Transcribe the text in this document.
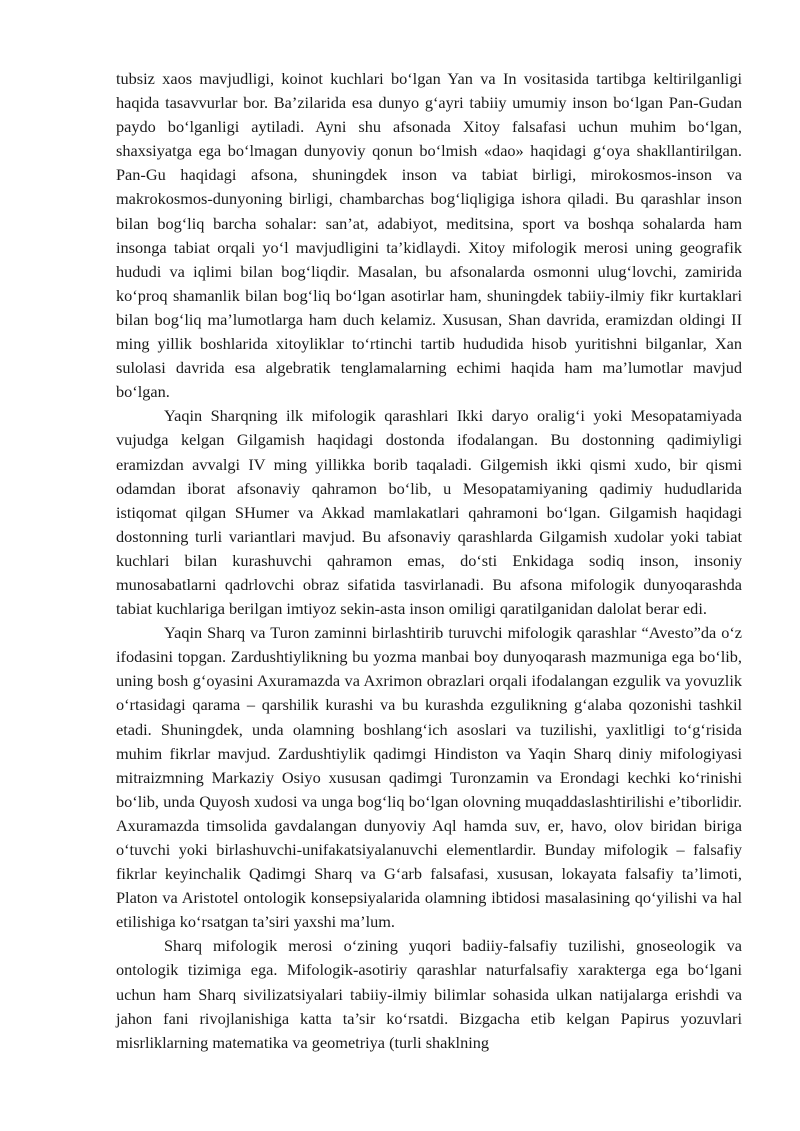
tubsiz xaos mavjudligi, koinot kuchlari bo‘lgan Yan va In vositasida tartibga keltirilganligi haqida tasavvurlar bor. Ba’zilarida esa dunyo g‘ayri tabiiy umumiy inson bo‘lgan Pan-Gudan paydo bo‘lganligi aytiladi. Ayni shu afsonada Xitoy falsafasi uchun muhim bo‘lgan, shaxsiyatga ega bo‘lmagan dunyoviy qonun bo‘lmish «dao» haqidagi g‘oya shakllantirilgan. Pan-Gu haqidagi afsona, shuningdek inson va tabiat birligi, mirokosmos-inson va makrokosmos-dunyoning birligi, chambarchas bog‘liqligiga ishora qiladi. Bu qarashlar inson bilan bog‘liq barcha sohalar: san’at, adabiyot, meditsina, sport va boshqa sohalarda ham insonga tabiat orqali yo‘l mavjudligini ta’kidlaydi. Xitoy mifologik merosi uning geografik hududi va iqlimi bilan bog‘liqdir. Masalan, bu afsonalarda osmonni ulug‘lovchi, zamirida ko‘proq shamanlik bilan bog‘liq bo‘lgan asotirlar ham, shuningdek tabiiy-ilmiy fikr kurtaklari bilan bog‘liq ma’lumotlarga ham duch kelamiz. Xususan, Shan davrida, eramizdan oldingi II ming yillik boshlarida xitoyliklar to‘rtinchi tartib hududida hisob yuritishni bilganlar, Xan sulolasi davrida esa algebratik tenglamalarning echimi haqida ham ma’lumotlar mavjud bo‘lgan.

Yaqin Sharqning ilk mifologik qarashlari Ikki daryo oralig‘i yoki Mesopatamiyada vujudga kelgan Gilgamish haqidagi dostonda ifodalangan. Bu dostonning qadimiyligi eramizdan avvalgi IV ming yillikka borib taqaladi. Gilgemish ikki qismi xudo, bir qismi odamdan iborat afsonaviy qahramon bo‘lib, u Mesopatamiyaning qadimiy hududlarida istiqomat qilgan SHumer va Akkad mamlakatlari qahramoni bo‘lgan. Gilgamish haqidagi dostonning turli variantlari mavjud. Bu afsonaviy qarashlarda Gilgamish xudolar yoki tabiat kuchlari bilan kurashuvchi qahramon emas, do‘sti Enkidaga sodiq inson, insoniy munosabatlarni qadrlovchi obraz sifatida tasvirlanadi. Bu afsona mifologik dunyoqarashda tabiat kuchlariga berilgan imtiyoz sekin-asta inson omiligi qaratilganidan dalolat berar edi.

Yaqin Sharq va Turon zaminni birlashtirib turuvchi mifologik qarashlar “Avesto”da o‘z ifodasini topgan. Zardushtiylikning bu yozma manbai boy dunyoqarash mazmuniga ega bo‘lib, uning bosh g‘oyasini Axuramazda va Axrimon obrazlari orqali ifodalangan ezgulik va yovuzlik o‘rtasidagi qarama – qarshilik kurashi va bu kurashda ezgulikning g‘alaba qozonishi tashkil etadi. Shuningdek, unda olamning boshlang‘ich asoslari va tuzilishi, yaxlitligi to‘g‘risida muhim fikrlar mavjud. Zardushtiylik qadimgi Hindiston va Yaqin Sharq diniy mifologiyasi mitraizmning Markaziy Osiyo xususan qadimgi Turonzamin va Erondagi kechki ko‘rinishi bo‘lib, unda Quyosh xudosi va unga bog‘liq bo‘lgan olovning muqaddaslashtirilishi e’tiborlidir. Axuramazda timsolida gavdalangan dunyoviy Aql hamda suv, er, havo, olov biridan biriga o‘tuvchi yoki birlashuvchi-unifakatsiyalanuvchi elementlardir. Bunday mifologik – falsafiy fikrlar keyinchalik Qadimgi Sharq va G‘arb falsafasi, xususan, lokayata falsafiy ta’limoti, Platon va Aristotel ontologik konsepsiyalarida olamning ibtidosi masalasining qo‘yilishi va hal etilishiga ko‘rsatgan ta’siri yaxshi ma’lum.

Sharq mifologik merosi o‘zining yuqori badiiy-falsafiy tuzilishi, gnoseologik va ontologik tizimiga ega. Mifologik-asotiriy qarashlar naturfalsafiy xarakterga ega bo‘lgani uchun ham Sharq sivilizatsiyalari tabiiy-ilmiy bilimlar sohasida ulkan natijalarga erishdi va jahon fani rivojlanishiga katta ta’sir ko‘rsatdi. Bizgacha etib kelgan Papirus yozuvlari misrliklarning matematika va geometriya (turli shaklning
